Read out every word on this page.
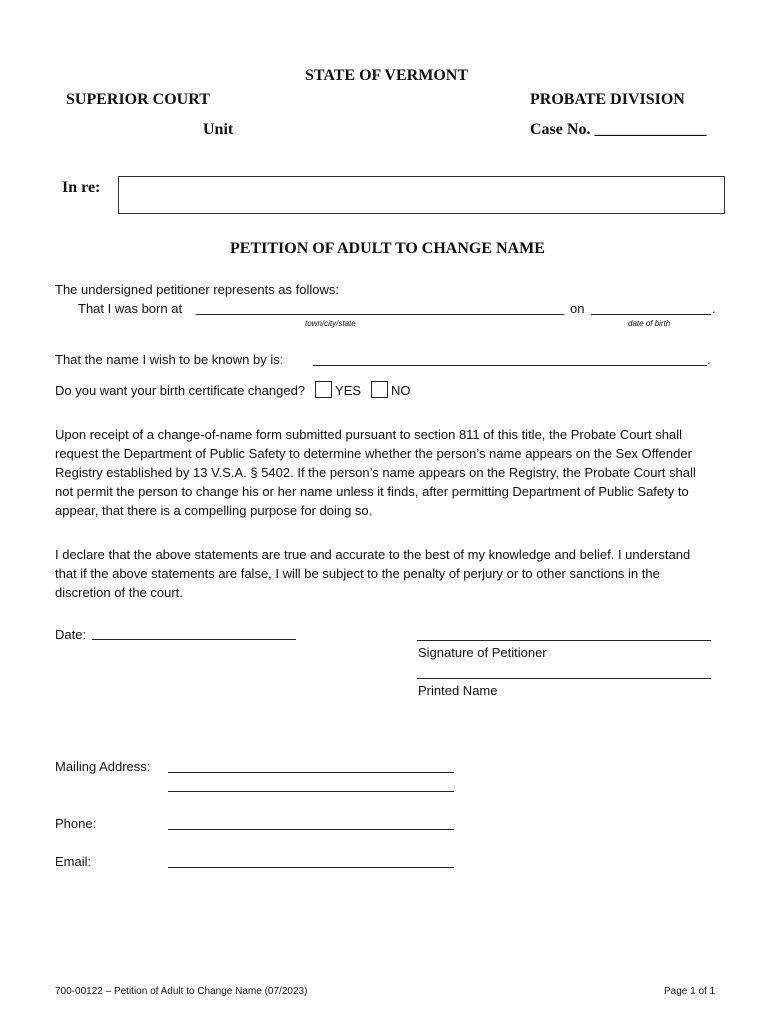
STATE OF VERMONT
SUPERIOR COURT	PROBATE DIVISION
Unit	Case No. ______________
In re:
PETITION OF ADULT TO CHANGE NAME
The undersigned petitioner represents as follows:
That I was born at	on	.
town/city/state	date of birth
That the name I wish to be known by is:	.
Do you want your birth certificate changed? YES NO
Upon receipt of a change-of-name form submitted pursuant to section 811 of this title, the Probate Court shall request the Department of Public Safety to determine whether the person’s name appears on the Sex Offender Registry established by 13 V.S.A. § 5402. If the person’s name appears on the Registry, the Probate Court shall not permit the person to change his or her name unless it finds, after permitting Department of Public Safety to appear, that there is a compelling purpose for doing so.
I declare that the above statements are true and accurate to the best of my knowledge and belief. I understand that if the above statements are false, I will be subject to the penalty of perjury or to other sanctions in the discretion of the court.
Date:
Signature of Petitioner
Printed Name
Mailing Address:
Phone:
Email:
700-00122 – Petition of Adult to Change Name (07/2023)	Page 1 of 1
